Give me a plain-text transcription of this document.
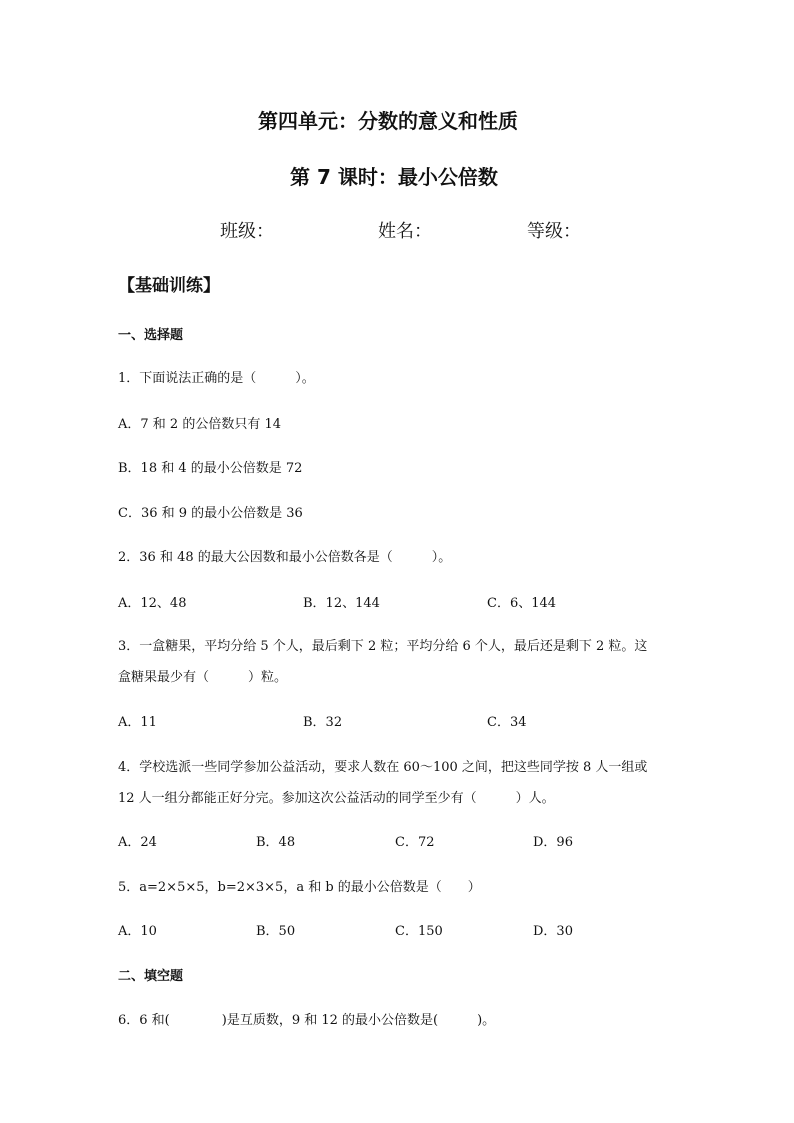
第四单元：分数的意义和性质
第 7 课时：最小公倍数
班级：	姓名：	等级：
【基础训练】
一、选择题
1．下面说法正确的是（　　　）。
A．7 和 2 的公倍数只有 14
B．18 和 4 的最小公倍数是 72
C．36 和 9 的最小公倍数是 36
2．36 和 48 的最大公因数和最小公倍数各是（　　　）。
A．12、48	B．12、144	C．6、144
3．一盒糖果，平均分给 5 个人，最后剩下 2 粒；平均分给 6 个人，最后还是剩下 2 粒。这
盒糖果最少有（　　　）粒。
A．11	B．32	C．34
4．学校选派一些同学参加公益活动，要求人数在 60～100 之间，把这些同学按 8 人一组或
12 人一组分都能正好分完。参加这次公益活动的同学至少有（　　　）人。
A．24	B．48	C．72	D．96
5．a=2×5×5，b=2×3×5，a 和 b 的最小公倍数是（　　）
A．10	B．50	C．150	D．30
二、填空题
6．6 和(　　　　)是互质数，9 和 12 的最小公倍数是(　　　)。
